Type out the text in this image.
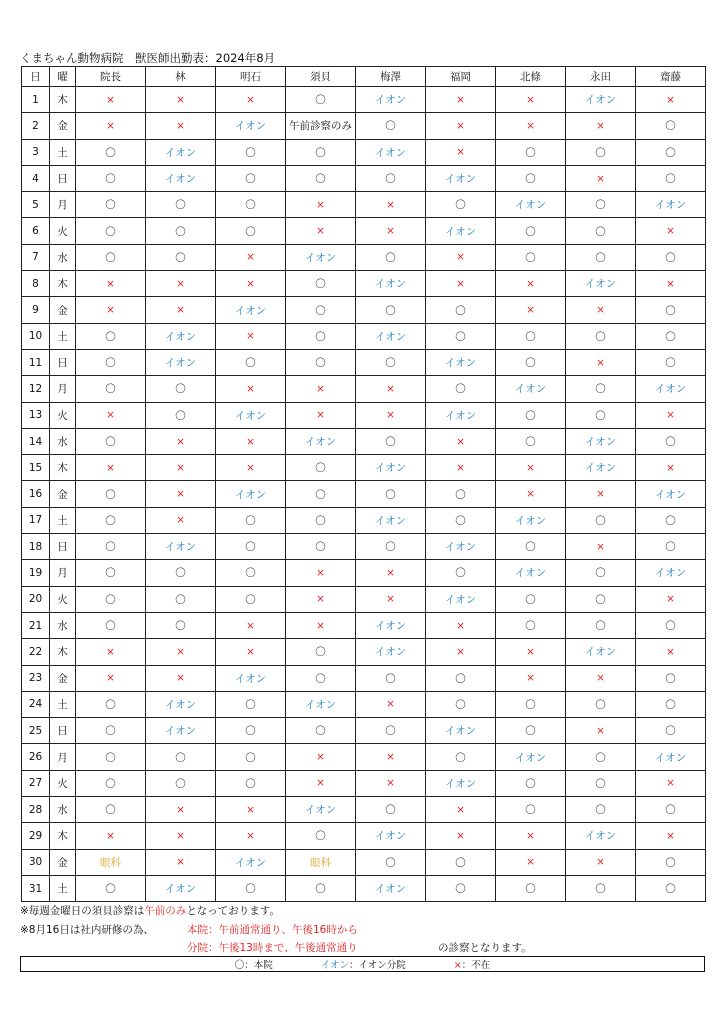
くまちゃん動物病院　獣医師出勤表：2024年8月
日	曜	院長	林	明石	須貝	梅澤	福岡	北條	永田	齋藤
1	木	×	×	×	〇	イオン	×	×	イオン	×
2	金	×	×	イオン	午前診察のみ	〇	×	×	×	〇
3	土	〇	イオン	〇	〇	イオン	×	〇	〇	〇
4	日	〇	イオン	〇	〇	〇	イオン	〇	×	〇
5	月	〇	〇	〇	×	×	〇	イオン	〇	イオン
6	火	〇	〇	〇	×	×	イオン	〇	〇	×
7	水	〇	〇	×	イオン	〇	×	〇	〇	〇
8	木	×	×	×	〇	イオン	×	×	イオン	×
9	金	×	×	イオン	〇	〇	〇	×	×	〇
10	土	〇	イオン	×	〇	イオン	〇	〇	〇	〇
11	日	〇	イオン	〇	〇	〇	イオン	〇	×	〇
12	月	〇	〇	×	×	×	〇	イオン	〇	イオン
13	火	×	〇	イオン	×	×	イオン	〇	〇	×
14	水	〇	×	×	イオン	〇	×	〇	イオン	〇
15	木	×	×	×	〇	イオン	×	×	イオン	×
16	金	〇	×	イオン	〇	〇	〇	×	×	イオン
17	土	〇	×	〇	〇	イオン	〇	イオン	〇	〇
18	日	〇	イオン	〇	〇	〇	イオン	〇	×	〇
19	月	〇	〇	〇	×	×	〇	イオン	〇	イオン
20	火	〇	〇	〇	×	×	イオン	〇	〇	×
21	水	〇	〇	×	×	イオン	×	〇	〇	〇
22	木	×	×	×	〇	イオン	×	×	イオン	×
23	金	×	×	イオン	〇	〇	〇	×	×	〇
24	土	〇	イオン	〇	イオン	×	〇	〇	〇	〇
25	日	〇	イオン	〇	〇	〇	イオン	〇	×	〇
26	月	〇	〇	〇	×	×	〇	イオン	〇	イオン
27	火	〇	〇	〇	×	×	イオン	〇	〇	×
28	水	〇	×	×	イオン	〇	×	〇	〇	〇
29	木	×	×	×	〇	イオン	×	×	イオン	×
30	金	眼科	×	イオン	眼科	〇	〇	×	×	〇
31	土	〇	イオン	〇	〇	イオン	〇	〇	〇	〇
※毎週金曜日の須貝診察は午前のみとなっております。
※8月16日は社内研修の為、	本院：午前通常通り、午後16時から
分院：午後13時まで、午後通常通り	の診察となります。
〇：本院	イオン：イオン分院	×：不在
